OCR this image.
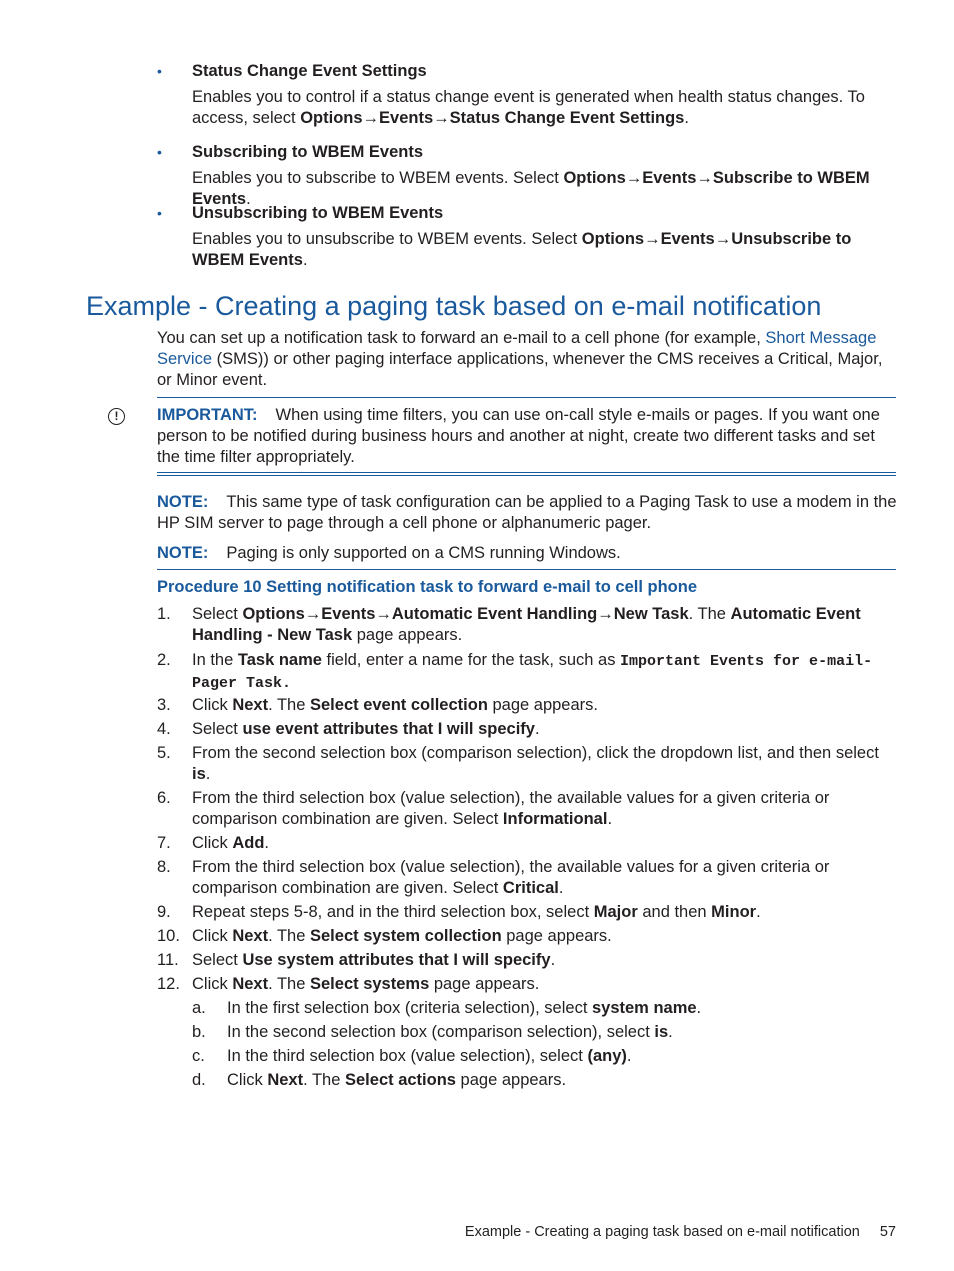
• Status Change Event Settings
Enables you to control if a status change event is generated when health status changes. To access, select Options→Events→Status Change Event Settings.
• Subscribing to WBEM Events
Enables you to subscribe to WBEM events. Select Options→Events→Subscribe to WBEM Events.
• Unsubscribing to WBEM Events
Enables you to unsubscribe to WBEM events. Select Options→Events→Unsubscribe to WBEM Events.
Example - Creating a paging task based on e-mail notification
You can set up a notification task to forward an e-mail to a cell phone (for example, Short Message Service (SMS)) or other paging interface applications, whenever the CMS receives a Critical, Major, or Minor event.
!	IMPORTANT: When using time filters, you can use on-call style e-mails or pages. If you want one person to be notified during business hours and another at night, create two different tasks and set the time filter appropriately.
NOTE: This same type of task configuration can be applied to a Paging Task to use a modem in the HP SIM server to page through a cell phone or alphanumeric pager.
NOTE: Paging is only supported on a CMS running Windows.
Procedure 10 Setting notification task to forward e-mail to cell phone
1. Select Options→Events→Automatic Event Handling→New Task. The Automatic Event Handling - New Task page appears.
2. In the Task name field, enter a name for the task, such as Important Events for e-mail-Pager Task.
3. Click Next. The Select event collection page appears.
4. Select use event attributes that I will specify.
5. From the second selection box (comparison selection), click the dropdown list, and then select is.
6. From the third selection box (value selection), the available values for a given criteria or comparison combination are given. Select Informational.
7. Click Add.
8. From the third selection box (value selection), the available values for a given criteria or comparison combination are given. Select Critical.
9. Repeat steps 5-8, and in the third selection box, select Major and then Minor.
10. Click Next. The Select system collection page appears.
11. Select Use system attributes that I will specify.
12. Click Next. The Select systems page appears.
a. In the first selection box (criteria selection), select system name.
b. In the second selection box (comparison selection), select is.
c. In the third selection box (value selection), select (any).
d. Click Next. The Select actions page appears.
Example - Creating a paging task based on e-mail notification 57
